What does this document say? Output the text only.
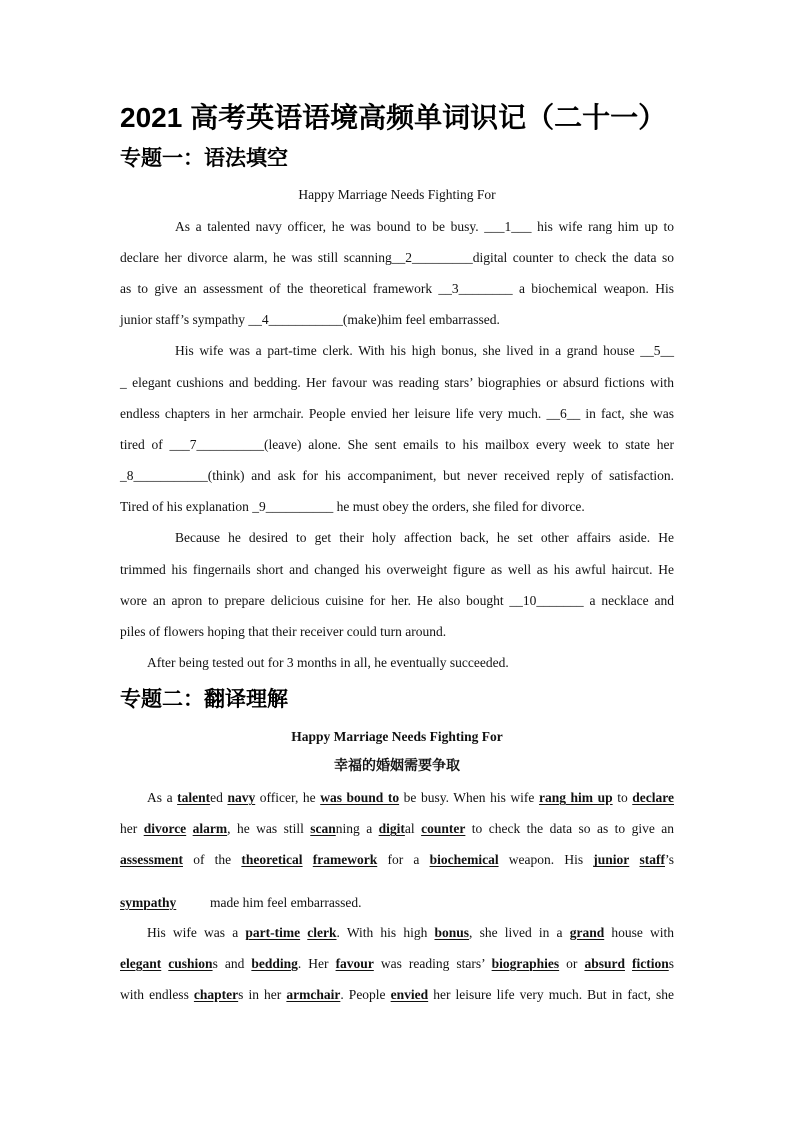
2021 高考英语语境高频单词识记（二十一）
专题一：语法填空
Happy Marriage Needs Fighting For
As a talented navy officer, he was bound to be busy. ___1___ his wife rang him up to
declare her divorce alarm, he was still scanning__2_________digital counter to check the data so
as to give an assessment of the theoretical framework __3________ a biochemical weapon. His
junior staff’s sympathy __4___________(make)him feel embarrassed.
His wife was a part-time clerk. With his high bonus, she lived in a grand house __5__
_ elegant cushions and bedding. Her favour was reading stars’ biographies or absurd fictions with
endless chapters in her armchair. People envied her leisure life very much. __6__ in fact, she was
tired of ___7__________(leave) alone. She sent emails to his mailbox every week to state her
_8___________(think) and ask for his accompaniment, but never received reply of satisfaction.
Tired of his explanation _9__________ he must obey the orders, she filed for divorce.
Because he desired to get their holy affection back, he set other affairs aside. He
trimmed his fingernails short and changed his overweight figure as well as his awful haircut. He
wore an apron to prepare delicious cuisine for her. He also bought __10_______ a necklace and
piles of flowers hoping that their receiver could turn around.
After being tested out for 3 months in all, he eventually succeeded.
专题二：翻译理解
Happy Marriage Needs Fighting For
幸福的婚姻需要争取
As a talented navy officer, he was bound to be busy. When his wife rang him up to declare
her divorce alarm, he was still scanning a digital counter to check the data so as to give an
assessment of the theoretical framework for a biochemical weapon. His junior staff’s
sympathy          made him feel embarrassed.
His wife was a part-time clerk. With his high bonus, she lived in a grand house with
elegant cushions and bedding. Her favour was reading stars’ biographies or absurd fictions
with endless chapters in her armchair. People envied her leisure life very much. But in fact, she
